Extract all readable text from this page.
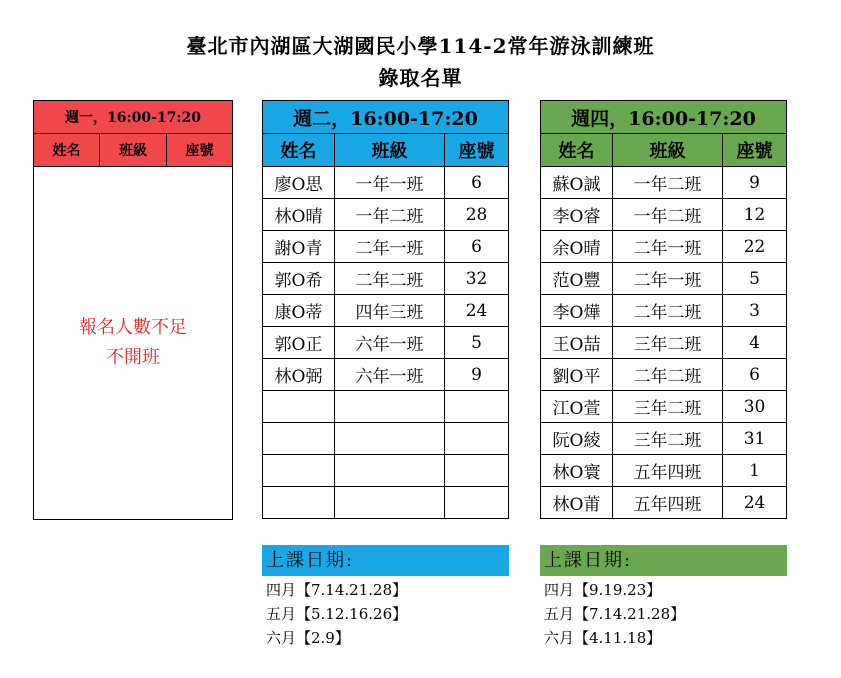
臺北市內湖區大湖國民小學114-2常年游泳訓練班
錄取名單
週一，16:00-17:20
姓名	班級	座號

報名人數不足
不開班
週二，16:00-17:20		
姓名	班級	座號
廖O思	一年一班	6
林O晴	一年二班	28
謝O青	二年一班	6
郭O希	二年二班	32
康O蒂	四年三班	24
郭O正	六年一班	5
林O弼	六年一班	9

週四，16:00-17:20		
姓名	班級	座號
蘇O誠	一年二班	9
李O睿	一年二班	12
余O晴	二年一班	22
范O豐	二年一班	5
李O燁	二年二班	3
王O喆	三年二班	4
劉O平	二年二班	6
江O萱	三年二班	30
阮O綾	三年二班	31
林O寰	五年四班	1
林O莆	五年四班	24
上課日期:
四月【7.14.21.28】
五月【5.12.16.26】
六月【2.9】
上課日期:
四月【9.19.23】
五月【7.14.21.28】
六月【4.11.18】
